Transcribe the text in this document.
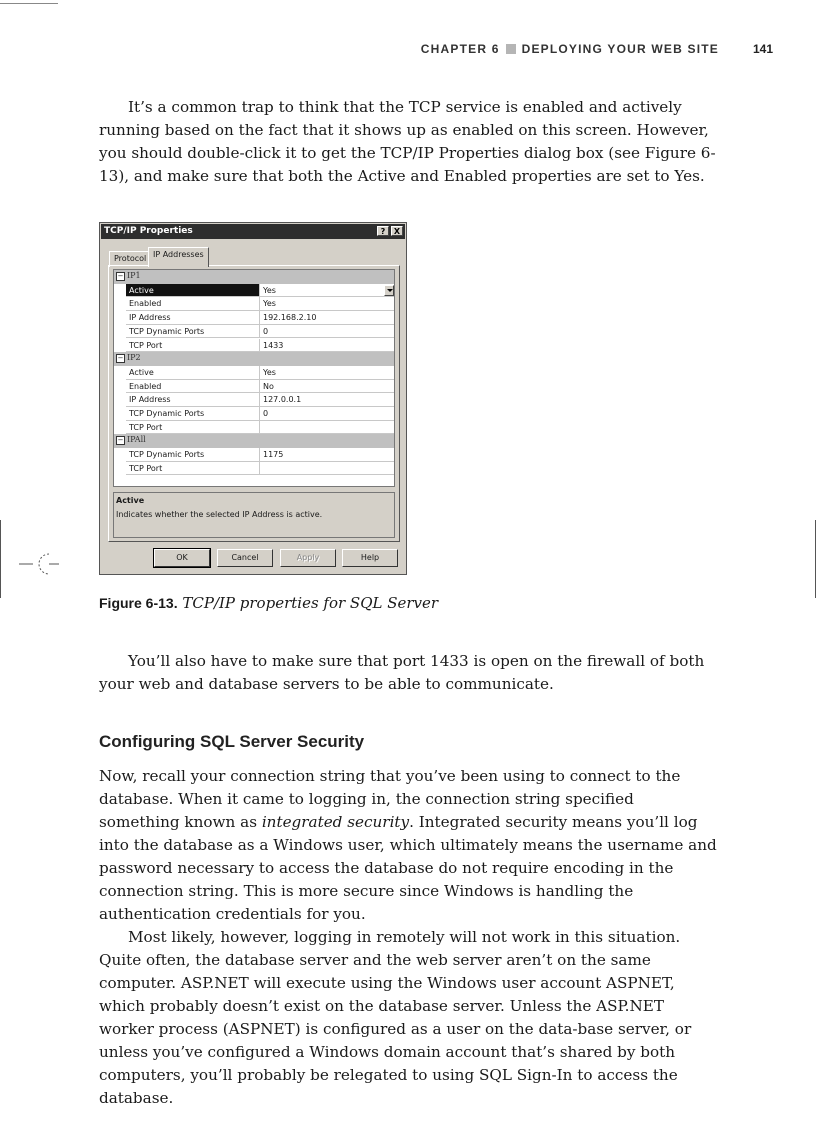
CHAPTER 6 DEPLOYING YOUR WEB SITE	141

It’s a common trap to think that the TCP service is enabled and actively running based on the fact that it shows up as enabled on this screen. However, you should double-click it to get the TCP/IP Properties dialog box (see Figure 6-13), and make sure that both the Active and Enabled properties are set to Yes.

TCP/IP Properties	?	X
Protocol IP Addresses
− IP1
Active	Yes
Enabled	Yes
IP Address	192.168.2.10
TCP Dynamic Ports	0
TCP Port	1433
− IP2
Active	Yes
Enabled	No
IP Address	127.0.0.1
TCP Dynamic Ports	0
TCP Port
− IPAll
TCP Dynamic Ports	1175
TCP Port
Active
Indicates whether the selected IP Address is active.
OK	Cancel	Apply	Help
Figure 6-13. TCP/IP properties for SQL Server

You’ll also have to make sure that port 1433 is open on the firewall of both your web and database servers to be able to communicate.

Configuring SQL Server Security

Now, recall your connection string that you’ve been using to connect to the database. When it came to logging in, the connection string specified something known as integrated security. Integrated security means you’ll log into the database as a Windows user, which ultimately means the username and password necessary to access the database do not require encoding in the connection string. This is more secure since Windows is handling the authentication credentials for you.

Most likely, however, logging in remotely will not work in this situation. Quite often, the database server and the web server aren’t on the same computer. ASP.NET will execute using the Windows user account ASPNET, which probably doesn’t exist on the database server. Unless the ASP.NET worker process (ASPNET) is configured as a user on the data-base server, or unless you’ve configured a Windows domain account that’s shared by both computers, you’ll probably be relegated to using SQL Sign-In to access the database.
